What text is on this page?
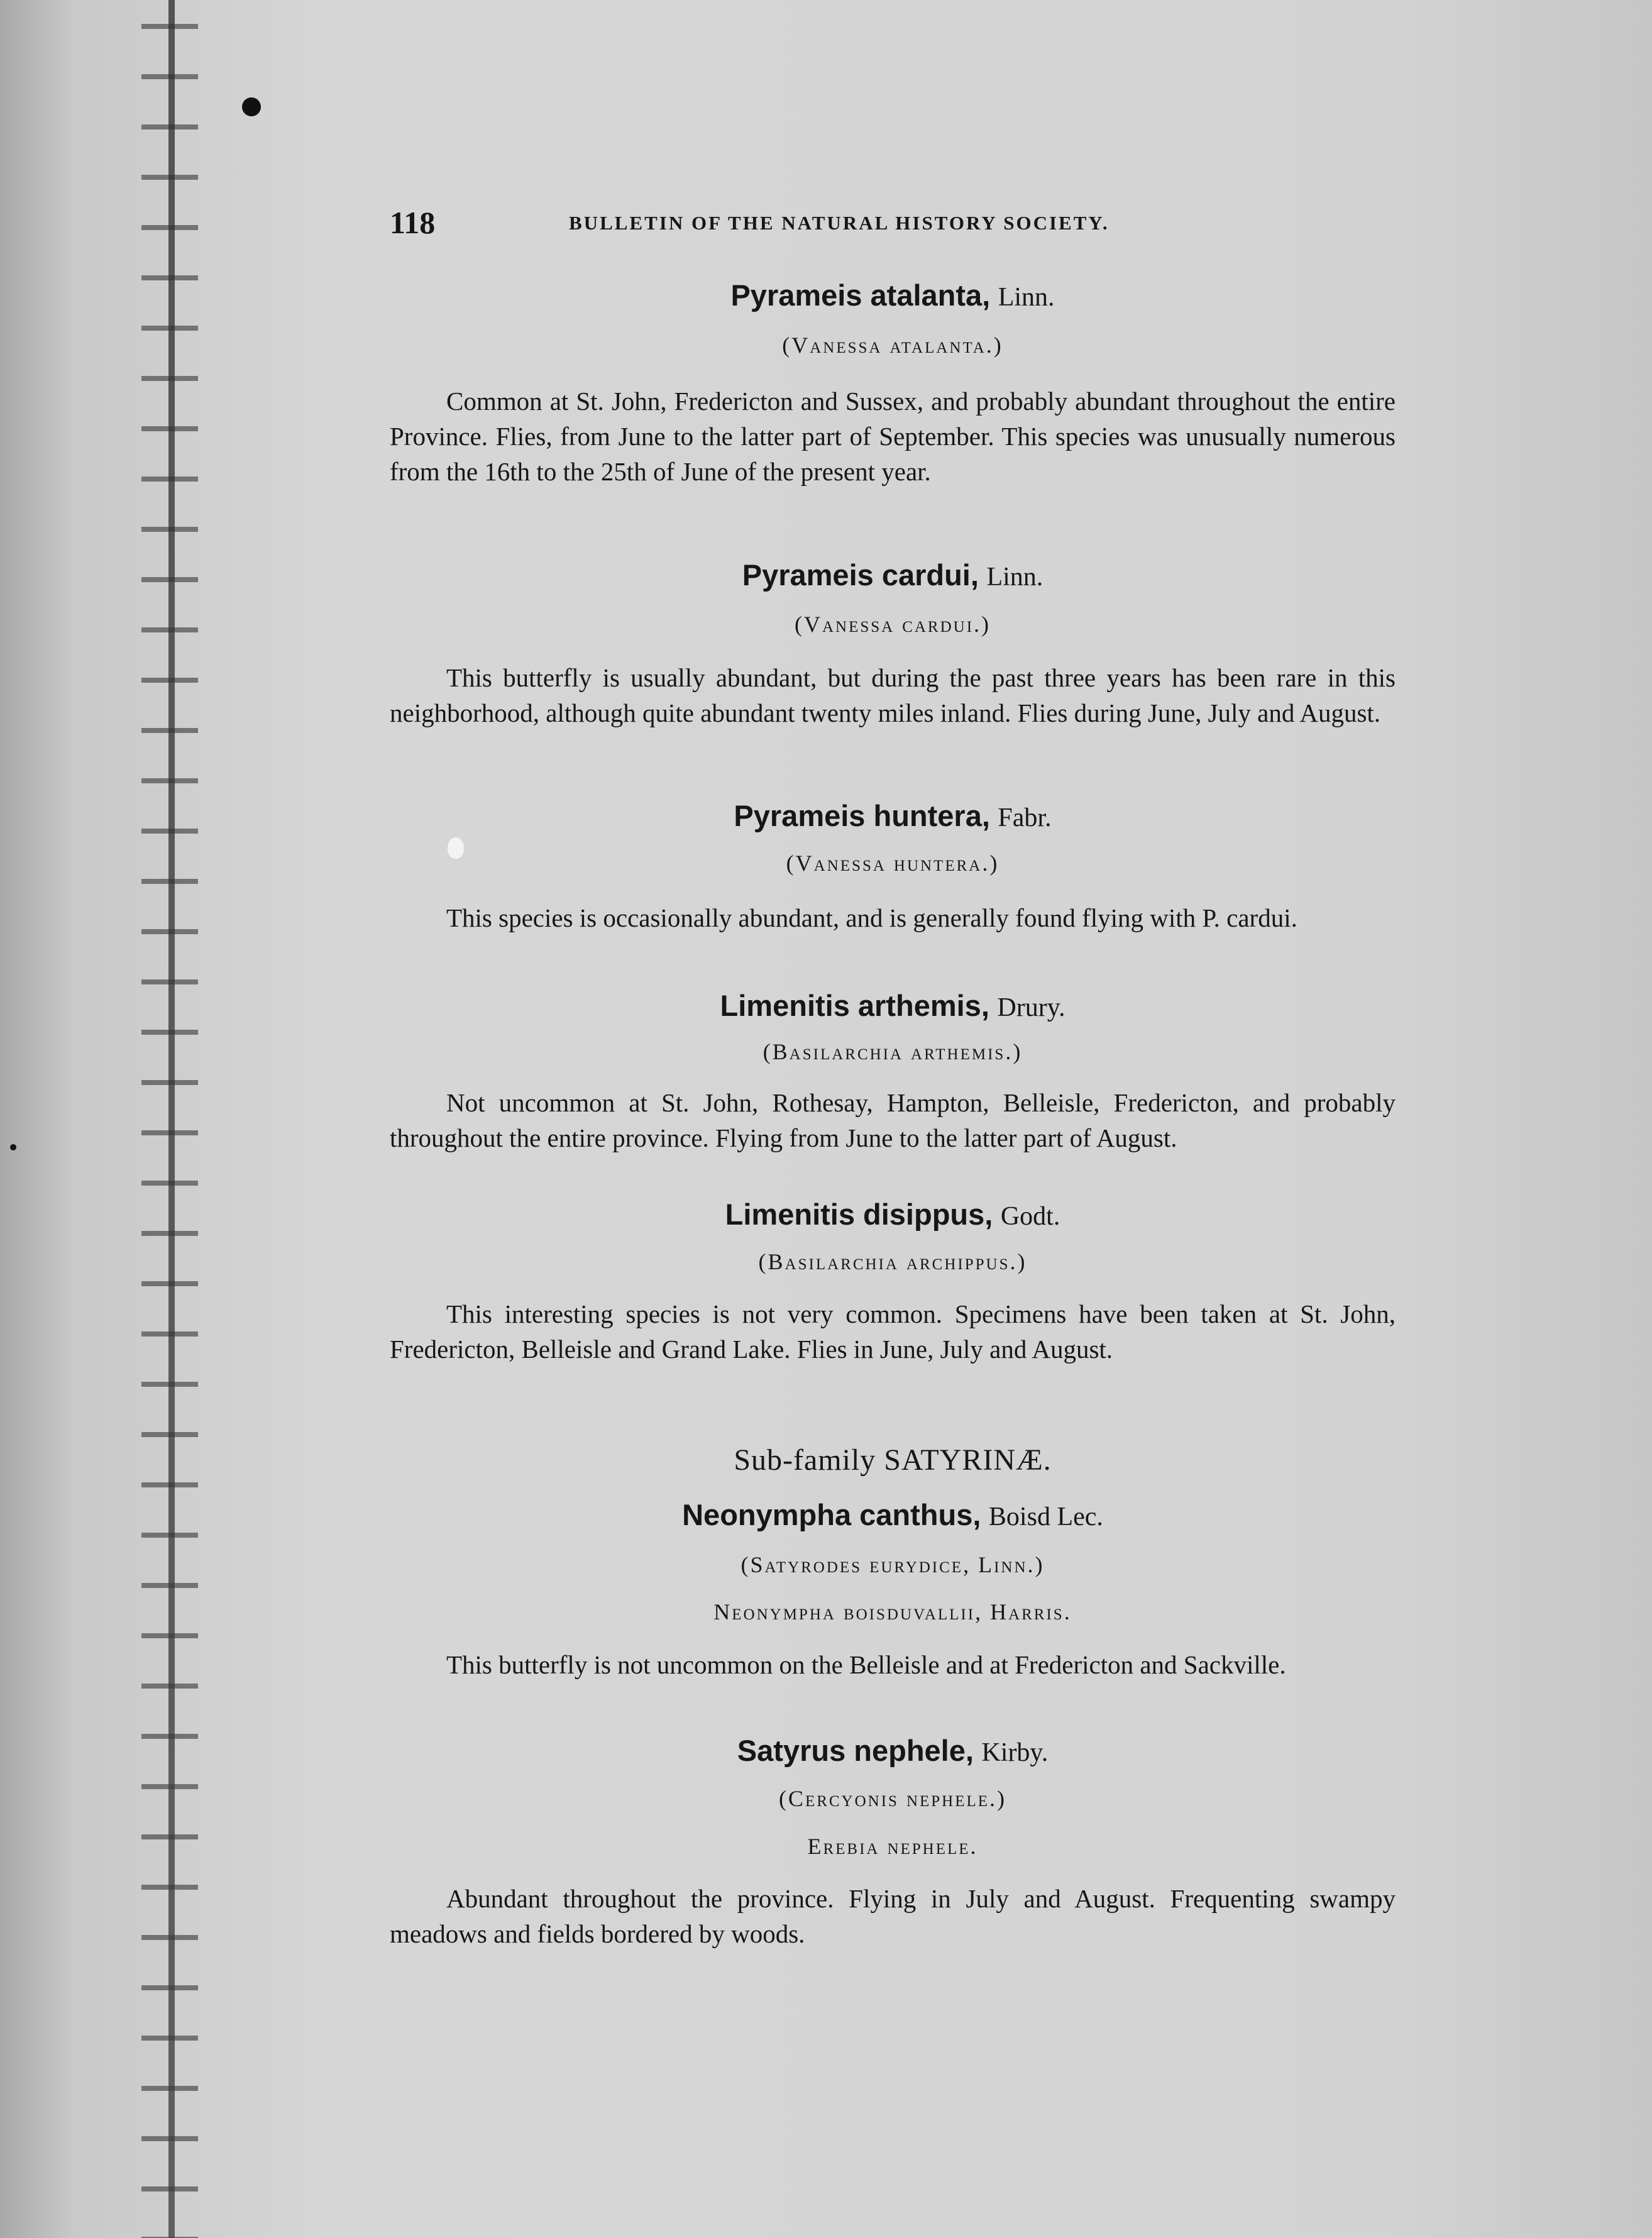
118	BULLETIN OF THE NATURAL HISTORY SOCIETY.
Pyrameis atalanta, Linn.
(Vanessa atalanta.)
Common at St. John, Fredericton and Sussex, and probably abundant throughout the entire Province. Flies, from June to the latter part of September. This species was unusually numerous from the 16th to the 25th of June of the present year.
Pyrameis cardui, Linn.
(Vanessa cardui.)
This butterfly is usually abundant, but during the past three years has been rare in this neighborhood, although quite abundant twenty miles inland. Flies during June, July and August.
Pyrameis huntera, Fabr.
(Vanessa huntera.)
This species is occasionally abundant, and is generally found flying with P. cardui.
Limenitis arthemis, Drury.
(Basilarchia arthemis.)
Not uncommon at St. John, Rothesay, Hampton, Belleisle, Fredericton, and probably throughout the entire province. Flying from June to the latter part of August.
Limenitis disippus, Godt.
(Basilarchia archippus.)
This interesting species is not very common. Specimens have been taken at St. John, Fredericton, Belleisle and Grand Lake. Flies in June, July and August.
Sub-family SATYRINÆ.
Neonympha canthus, Boisd Lec.
(Satyrodes eurydice, Linn.)
Neonympha boisduvallii, Harris.
This butterfly is not uncommon on the Belleisle and at Fredericton and Sackville.
Satyrus nephele, Kirby.
(Cercyonis nephele.)
Erebia nephele.
Abundant throughout the province. Flying in July and August. Frequenting swampy meadows and fields bordered by woods.
